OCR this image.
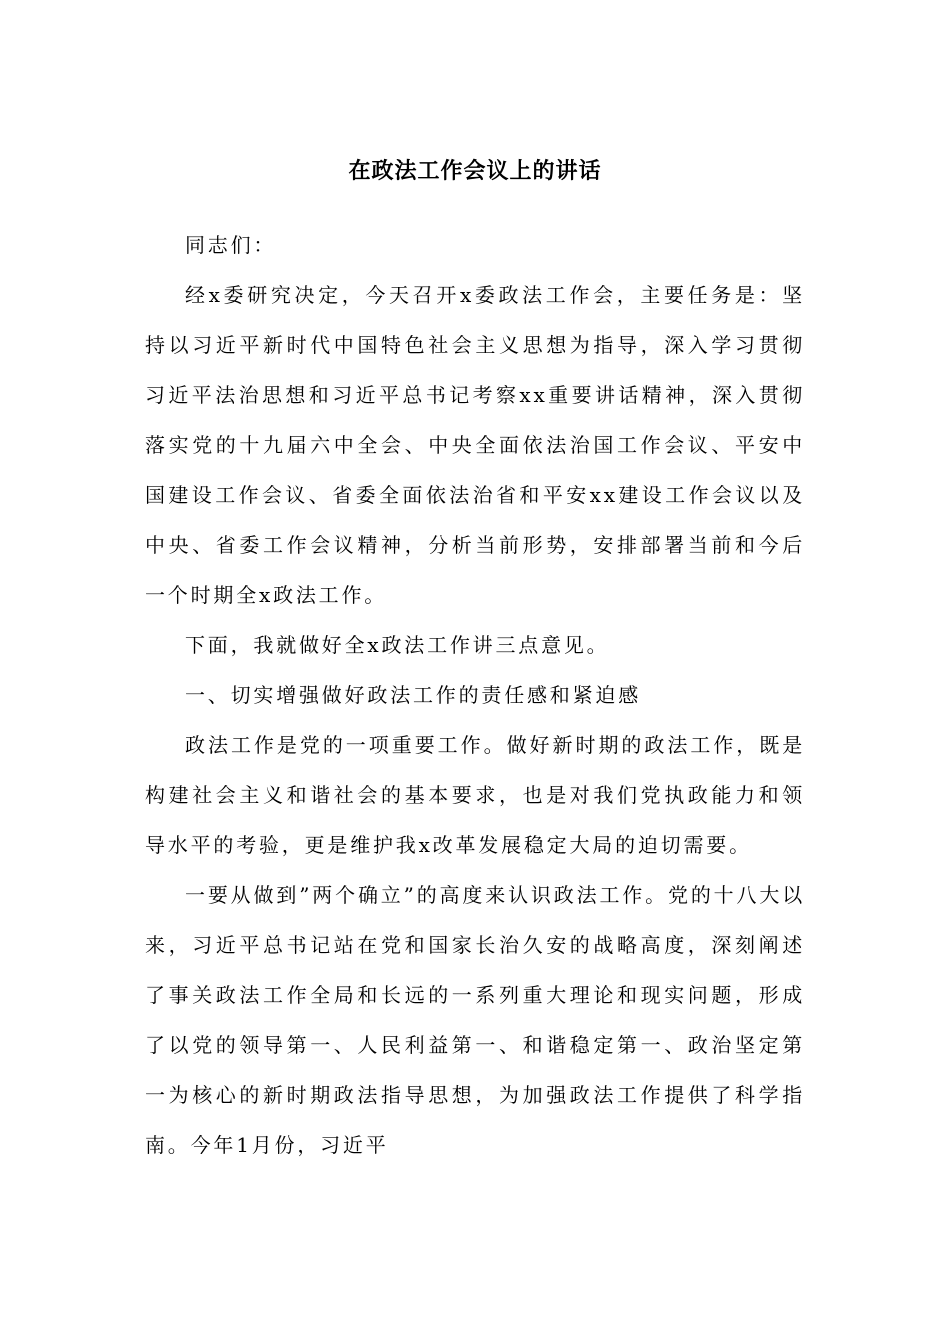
在政法工作会议上的讲话

同志们：

经x委研究决定，今天召开x委政法工作会，主要任务是：坚持以习近平新时代中国特色社会主义思想为指导，深入学习贯彻习近平法治思想和习近平总书记考察xx重要讲话精神，深入贯彻落实党的十九届六中全会、中央全面依法治国工作会议、平安中国建设工作会议、省委全面依法治省和平安xx建设工作会议以及中央、省委工作会议精神，分析当前形势，安排部署当前和今后一个时期全x政法工作。

下面，我就做好全x政法工作讲三点意见。

一、切实增强做好政法工作的责任感和紧迫感

政法工作是党的一项重要工作。做好新时期的政法工作，既是构建社会主义和谐社会的基本要求，也是对我们党执政能力和领导水平的考验，更是维护我x改革发展稳定大局的迫切需要。

一要从做到”两个确立”的高度来认识政法工作。党的十八大以来，习近平总书记站在党和国家长治久安的战略高度，深刻阐述了事关政法工作全局和长远的一系列重大理论和现实问题，形成了以党的领导第一、人民利益第一、和谐稳定第一、政治坚定第一为核心的新时期政法指导思想，为加强政法工作提供了科学指南。今年1月份，习近平
